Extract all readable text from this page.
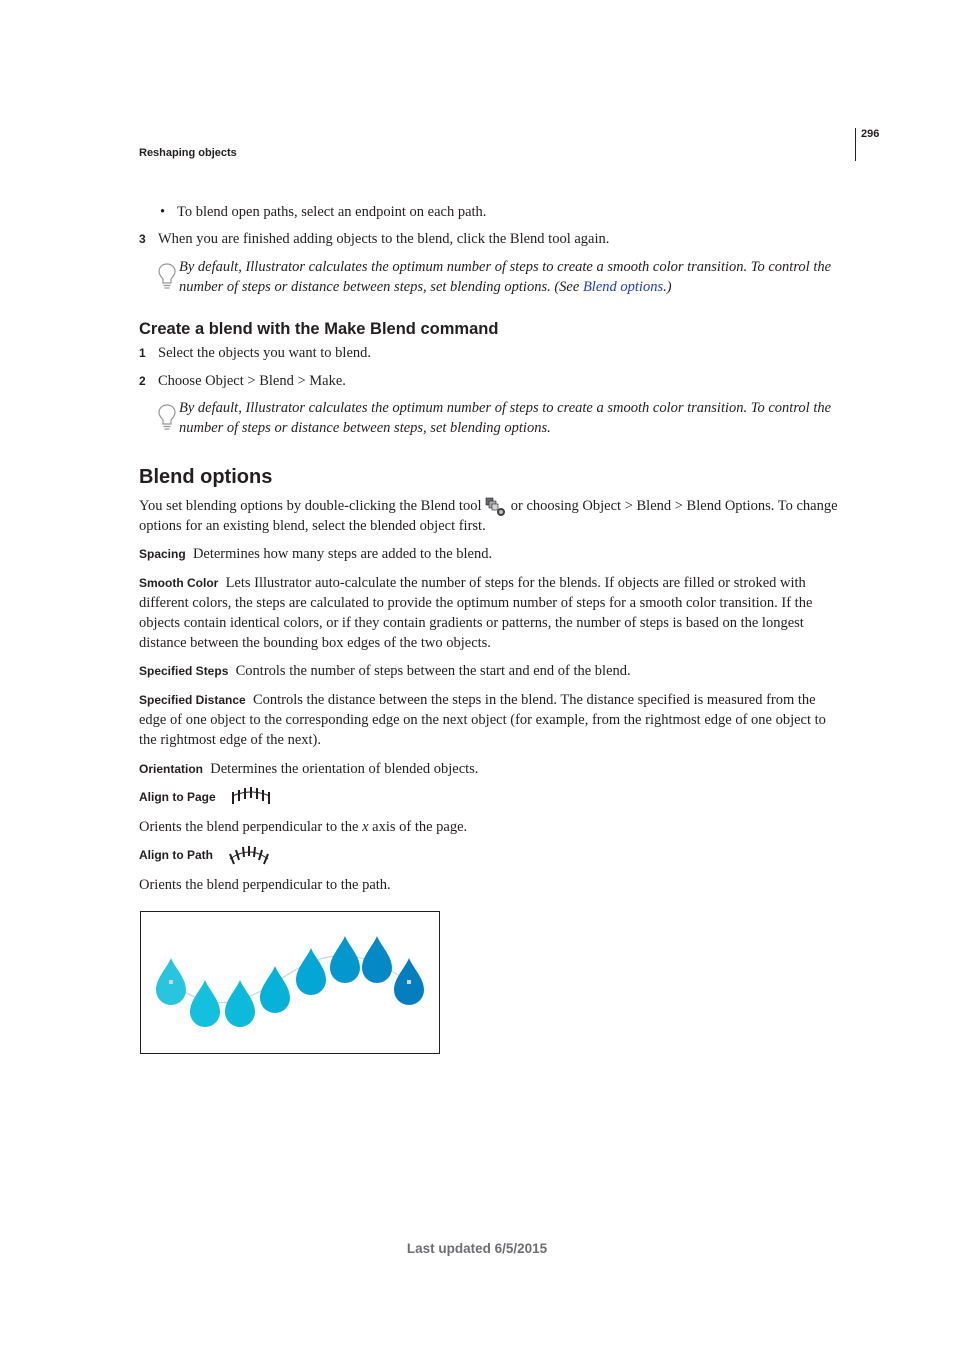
296
Reshaping objects
• To blend open paths, select an endpoint on each path.
3 When you are finished adding objects to the blend, click the Blend tool again.
By default, Illustrator calculates the optimum number of steps to create a smooth color transition. To control the
number of steps or distance between steps, set blending options. (See Blend options.)
Create a blend with the Make Blend command
1 Select the objects you want to blend.
2 Choose Object > Blend > Make.
By default, Illustrator calculates the optimum number of steps to create a smooth color transition. To control the
number of steps or distance between steps, set blending options.
Blend options
You set blending options by double-clicking the Blend tool or choosing Object > Blend > Blend Options. To change
options for an existing blend, select the blended object first.
Spacing Determines how many steps are added to the blend.
Smooth Color Lets Illustrator auto-calculate the number of steps for the blends. If objects are filled or stroked with
different colors, the steps are calculated to provide the optimum number of steps for a smooth color transition. If the
objects contain identical colors, or if they contain gradients or patterns, the number of steps is based on the longest
distance between the bounding box edges of the two objects.
Specified Steps Controls the number of steps between the start and end of the blend.
Specified Distance Controls the distance between the steps in the blend. The distance specified is measured from the
edge of one object to the corresponding edge on the next object (for example, from the rightmost edge of one object to
the rightmost edge of the next).
Orientation Determines the orientation of blended objects.
Align to Page
Orients the blend perpendicular to the x axis of the page.
Align to Path
Orients the blend perpendicular to the path.
Last updated 6/5/2015
